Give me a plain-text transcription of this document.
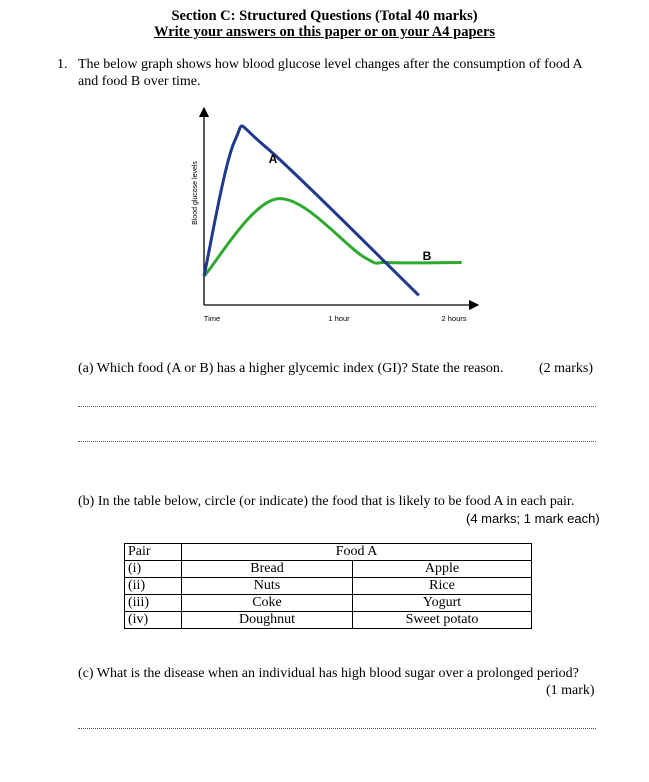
Section C: Structured Questions (Total 40 marks)
Write your answers on this paper or on your A4 papers
1. The below graph shows how blood glucose level changes after the consumption of food A
and food B over time.
Blood glucose levels
Time	1 hour	2 hours
A
B
(a) Which food (A or B) has a higher glycemic index (GI)? State the reason.	(2 marks)
(b) In the table below, circle (or indicate) the food that is likely to be food A in each pair.
(4 marks; 1 mark each)
Pair	Food A	
(i)	Bread	Apple
(ii)	Nuts	Rice
(iii)	Coke	Yogurt
(iv)	Doughnut	Sweet potato
(c) What is the disease when an individual has high blood sugar over a prolonged period?
(1 mark)
